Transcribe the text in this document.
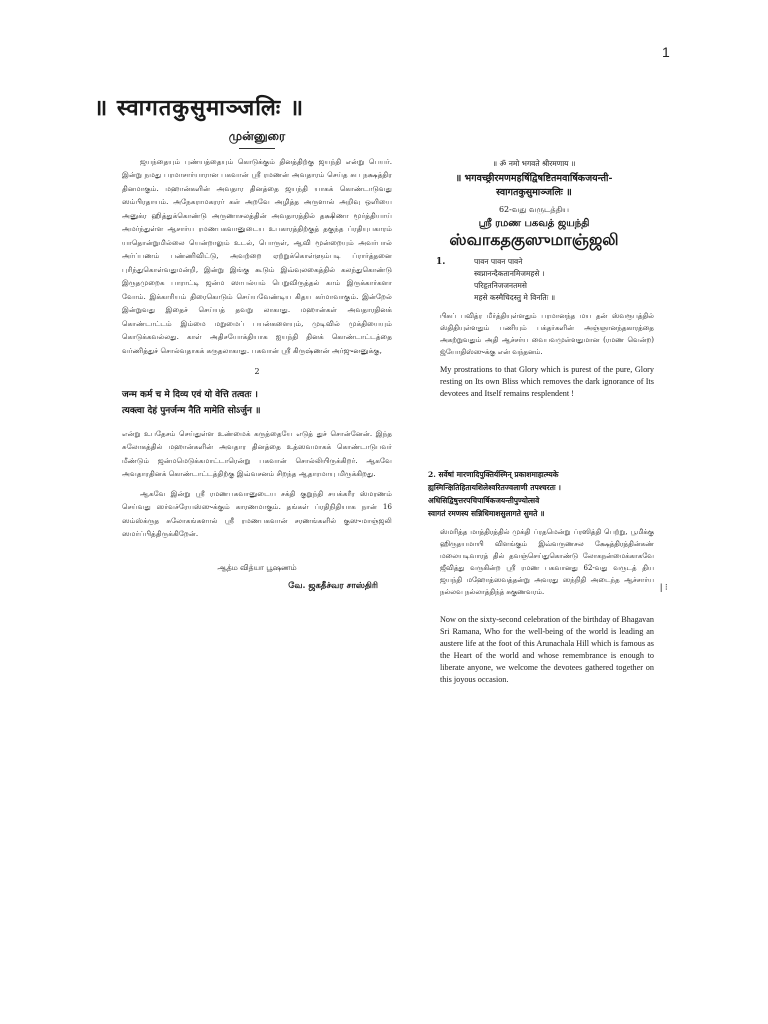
1
॥ स्वागतकुसुमाञ्जलिः ॥

முன்னுரை

ஜயந்தையும் புண்யத்தையும் கொடுக்கும் தினத்திற்கு ஜயந்தி என்று பெயர். இன்று நமது பரமாசார்யாரான பகவான் ஸ்ரீ ரமணன் அவதாரம் செய்த சுப நக்ஷத்திர தினமாகும். மஹான்களின் அவதார தினத்தை ஜயந்தி யாகக் கொண்டாடுவது ஸம்பிரதாயம். அநேகராமகரரர் கள் அறவே அழித்த அருளால் அறிவு ஒளியை அனுக்ர ஹித்துக்கொண்டு அருணாசலத்தின் அவதாரத்தில் தக்ஷிணா மூர்த்தியாய் அமர்ந்துள்ள ஆசார்ய ரமணபகவானுடைய உபகாரத்திற்குத் தகுந்த ப்ரதியுபகாரம் யாதொன்றுமில்லை யென்றாலும் உடல், பொருள், ஆவி மூன்றையும் அவர்பால் அர்ப்பணம் பண்ணிவிட்டு, அவற்றை ஏற்றுக்கொள்ளும்படி ப்ரார்த்தனை புரிந்துகொள்வதுமன்றி, இன்று இங்கு கூடும் இவ்வுலகைத்தில் கலந்துகொண்டு இருதமுறைக பாராட்டி ஜன்ம ஸாபல்யம் பெறுவிருத்தல் காம் இருக்கார்களா வோம். இக்காரியம் திரைகொடும் செய்யவேண்டிய கிதய கர்மாவாகும். இன்றேல் இன்றுவது இதைச் செய்யத் தவறு லாகாது. மஹான்கள் அவதாரதினக் கொண்டாட்டம் இம்மை மறுமைப் பயன்களையும், முடிவில் முக்தியையும் கொடுக்கவல்லது. காள் அதிசயோக்தியாக ஐயந்தி தினக் கொண்டாட்டத்தை வர்ணித்துச் சொல்வதாகக் கருதலாகாது. பகவான் ஸ்ரீ கிருஷ்ணன் அர்ஜுனனுக்கு,

2

जन्म कर्म च मे दिव्य एवं यो वेत्ति तत्वतः ।
त्यक्त्वा देहं पुनर्जन्म नैति मामेति सोऽर्जुन ॥

என்று உபதேசம் செய்துள்ள உண்மைக் கருத்தையே எடுத் துச் சொன்னேன். இந்த சுலோகத்தில் மஹான்களின் அவதார தினத்தை உத்ஸவமாகக் கொண்டாடுபவர் மீண்டும் ஜன்மமெடுக்கமாட்டாரென்று பகவான் சொல்லியிருக்கிறர். ஆகவே அவதாரதினக் கொண்டாட்டத்திற்கு இவ்வசனம் சிறந்த ஆதாரமாயு மிருக்கிறது.

ஆகவே இன்று ஸ்ரீ ரமணபகவானுடைய சக்தி குறுந்தி சயக்கரீர ஸ்மரணம் செய்வது ஸர்வச்ரேயஸ்ஸுக்கும் காரணமாகும். தங்கள் ப்ரதிநிதியாக நான் 16 ஸம்ஸ்க்ருத சுலோகங்களால் ஸ்ரீ ரமணபகவான் சரணங்களில் குஸுமாஞ்ஜலி ஸமர்ப்பித்திருக்கிறேன்.

ஆத்ம வித்யா பூஷணம்

வே. ஜகதீச்வர சாஸ்திரி

॥ ॐ नमो भगवते श्रीरमणाय ॥

॥ भगवच्छ्रीरमणमहर्षिद्विषष्टितमवार्षिकजयन्ती-

स्वागतकुसुमाञ्जलिः ॥

62-வது வருடத்திய

ஸ்ரீ ரமண பகவத் ஜயந்தி

ஸ்வாகதகுஸுமாஞ்ஜலி

1.	पावन पावन पावने
स्वप्नानन्दैकतानमिजमहसे ।
परिहृतनिजजनतमसे
महसे कस्मैचिदस्तु मे विनतिः ॥

பிசுப் பவித்ர மீர்த்தியுள்ளதும் பரமானந்த மய தன் ஸ்வரூபத்தில் ஸ்திதியுள்ளதும் பணியும் பக்தர்களின் அஞ்ஞானந்தகாரத்தை அகற்றுவதும் அதி ஆச்சர்ய வைபவமுள்ளதுமான (ரமண வென்ற) ஜ்யோதிஸ்ஸுக்கு என் வந்தனம்.

My prostrations to that Glory which is purest of the pure, Glory resting on Its own Bliss which removes the dark ignorance of Its devotees and Itself remains resplendent !

2. सर्वेषां मारणादिपुक्तिर्यस्मिन् प्रकाशमाहात्म्यके
ह्यस्मिन्क्षितिहितायशिलेश्वरितज्वलाणी तपश्चरतः ।
अधिसिद्विषुत्तरपचिपार्षिकजयन्तीपुण्योत्सवे
स्वागतं रमणस्य सन्निधिमाशसुलागते सुमते ॥

ஸ்மரித்த மாத்திரத்தில் முக்தி ப்ரதமென்று ப்ரஸித்தி பெற்று, பூமிக்கு ஹிருதயமாயி விளங்கும் இவ்வருணசல க்ஷேத்திரத்தின்கண் மலையடிவாரத் தில் தவஞ்செய்துகொண்டு லோகநன்மைக்காகவே ஜீவித்து வருகின்ற ஸ்ரீ ரமண பகவானது 62-வது வருடத் திய ஜயந்தி மஹோத்ஸவத்தன்று அவரது ஸந்நிதி அடைந்த ஆச்சார்ய நல்லவ நல்லாத்திந்த் சுகுணவரம்.

Now on the sixty-second celebration of the birthday of Bhagavan Sri Ramana, Who for the well-being of the world is leading an austere life at the foot of this Arunachala Hill which is famous as the Heart of the world and whose remembrance is enough to liberate anyone, we welcome the devotees gathered together on this joyous occasion.

| ⁝
